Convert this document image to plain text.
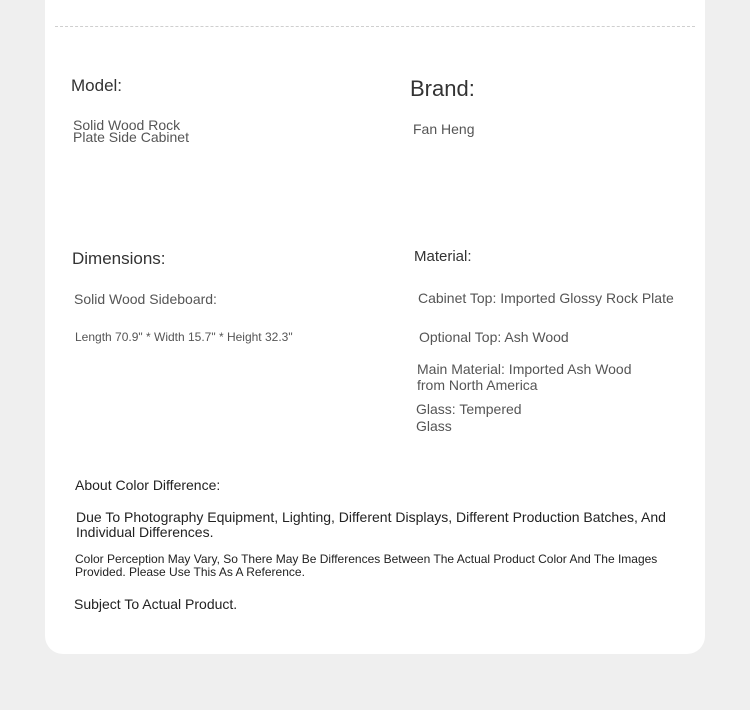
Model:

Solid Wood Rock

Plate Side Cabinet

Brand:

Fan Heng

Dimensions:

Solid Wood Sideboard:

Length 70.9" * Width 15.7" * Height 32.3"

Material:

Cabinet Top: Imported Glossy Rock Plate

Optional Top: Ash Wood

Main Material: Imported Ash Wood

from North America

Glass: Tempered

Glass

About Color Difference:

Due To Photography Equipment, Lighting, Different Displays, Different Production Batches, And

Individual Differences.

Color Perception May Vary, So There May Be Differences Between The Actual Product Color And The Images

Provided. Please Use This As A Reference.

Subject To Actual Product.
